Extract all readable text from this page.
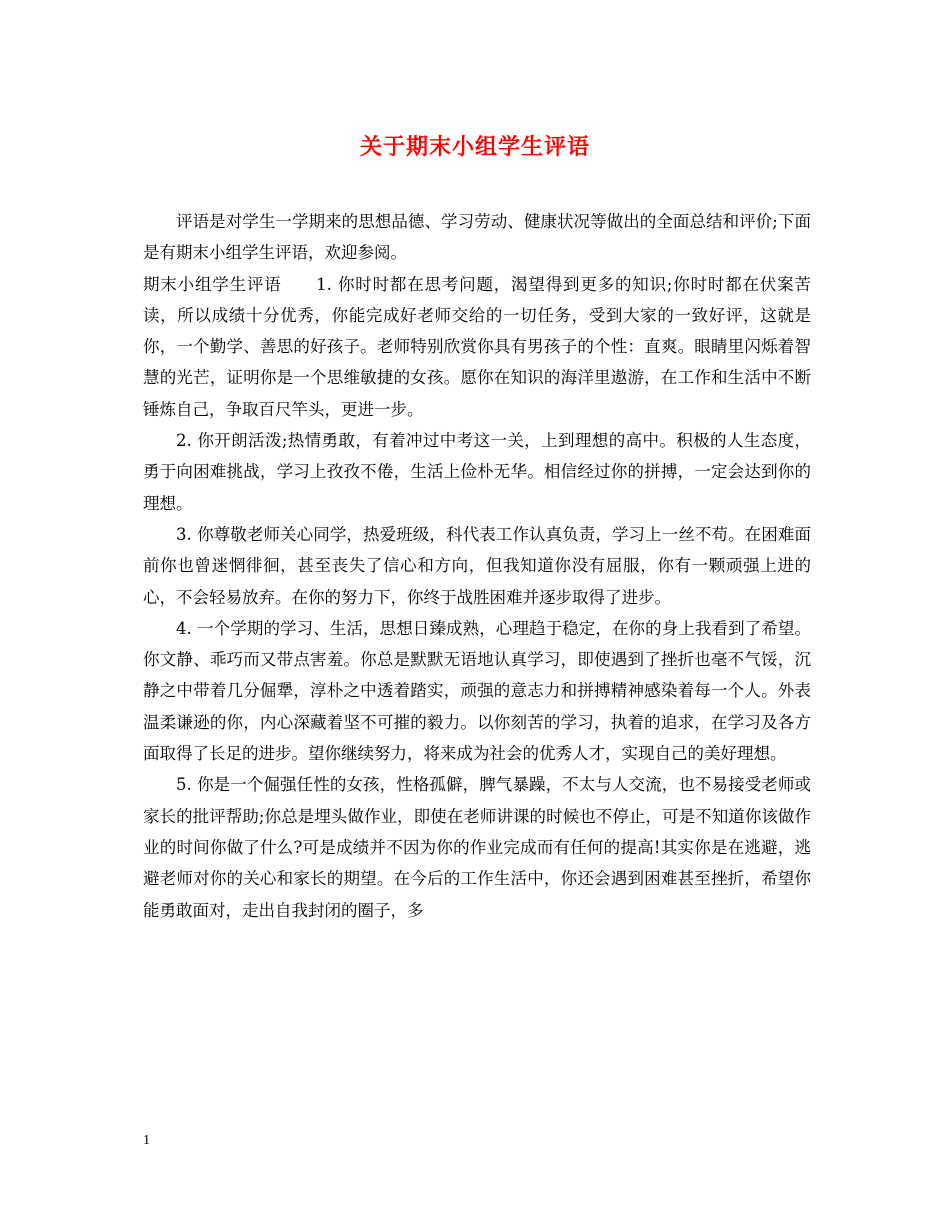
关于期末小组学生评语

评语是对学生一学期来的思想品德、学习劳动、健康状况等做出的全面总结和评价;下面是有期末小组学生评语，欢迎参阅。

期末小组学生评语　　1. 你时时都在思考问题，渴望得到更多的知识;你时时都在伏案苦读，所以成绩十分优秀，你能完成好老师交给的一切任务，受到大家的一致好评，这就是你，一个勤学、善思的好孩子。老师特别欣赏你具有男孩子的个性：直爽。眼睛里闪烁着智慧的光芒，证明你是一个思维敏捷的女孩。愿你在知识的海洋里遨游，在工作和生活中不断锤炼自己，争取百尺竿头，更进一步。

2. 你开朗活泼;热情勇敢，有着冲过中考这一关，上到理想的高中。积极的人生态度，勇于向困难挑战，学习上孜孜不倦，生活上俭朴无华。相信经过你的拼搏，一定会达到你的理想。

3. 你尊敬老师关心同学，热爱班级，科代表工作认真负责，学习上一丝不苟。在困难面前你也曾迷惘徘徊，甚至丧失了信心和方向，但我知道你没有屈服，你有一颗顽强上进的心，不会轻易放弃。在你的努力下，你终于战胜困难并逐步取得了进步。

4. 一个学期的学习、生活，思想日臻成熟，心理趋于稳定，在你的身上我看到了希望。你文静、乖巧而又带点害羞。你总是默默无语地认真学习，即使遇到了挫折也毫不气馁，沉静之中带着几分倔犟，淳朴之中透着踏实，顽强的意志力和拼搏精神感染着每一个人。外表温柔谦逊的你，内心深藏着坚不可摧的毅力。以你刻苦的学习，执着的追求，在学习及各方面取得了长足的进步。望你继续努力，将来成为社会的优秀人才，实现自己的美好理想。

5. 你是一个倔强任性的女孩，性格孤僻，脾气暴躁，不太与人交流，也不易接受老师或家长的批评帮助;你总是埋头做作业，即使在老师讲课的时候也不停止，可是不知道你该做作业的时间你做了什么?可是成绩并不因为你的作业完成而有任何的提高!其实你是在逃避，逃避老师对你的关心和家长的期望。在今后的工作生活中，你还会遇到困难甚至挫折，希望你能勇敢面对，走出自我封闭的圈子，多

1
